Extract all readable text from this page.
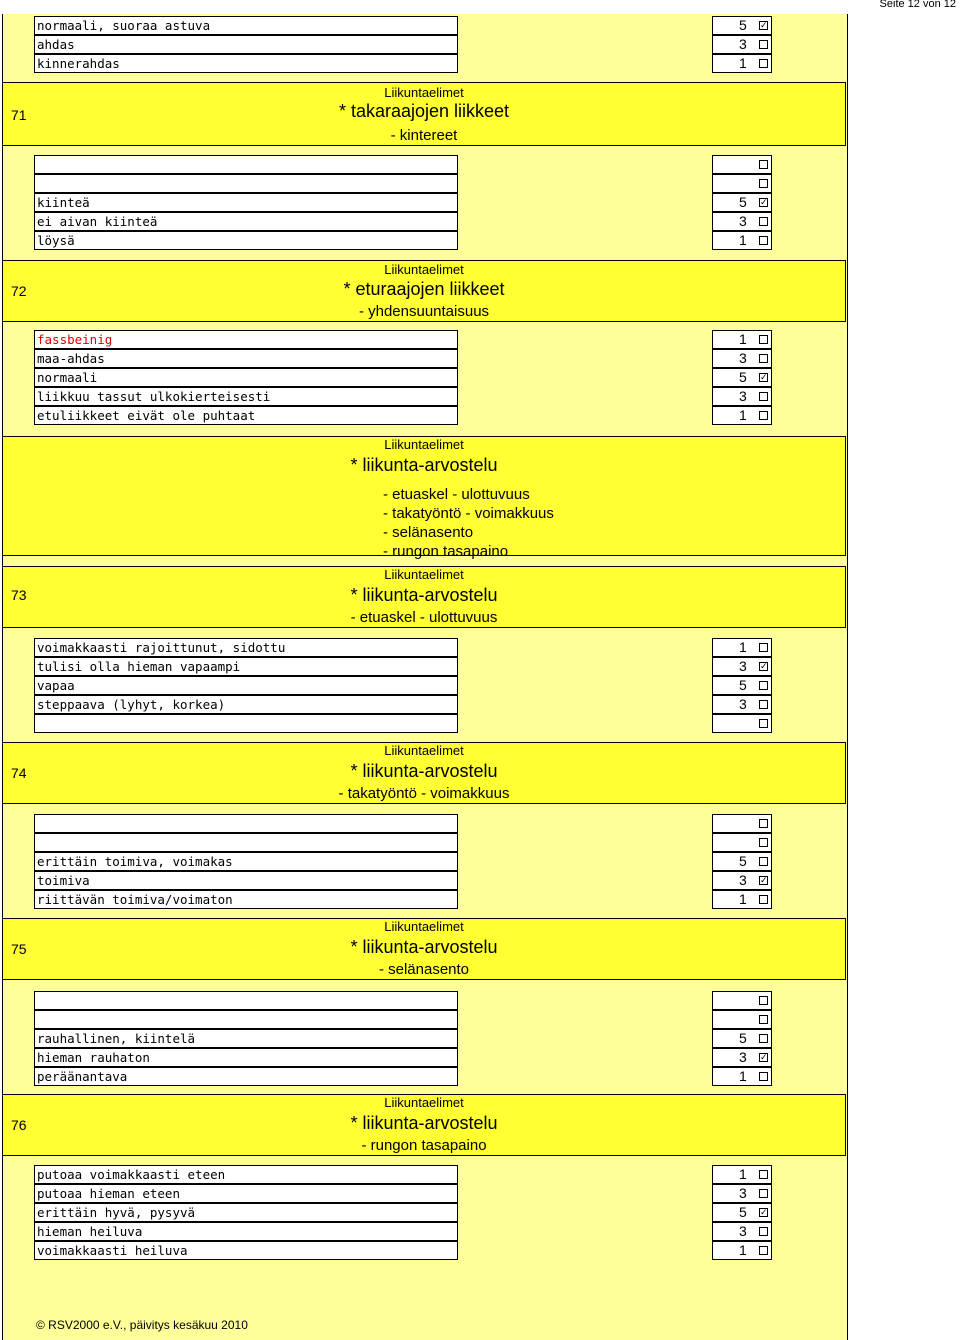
Seite 12 von 12
normaali, suoraa astuva	5 ✓
ahdas	3
kinnerahdas	1
71
Liikuntaelimet
* takaraajojen liikkeet
- kintereet
kiinteä	5 ✓
ei aivan kiinteä	3
löysä	1
72
Liikuntaelimet
* eturaajojen liikkeet
- yhdensuuntaisuus
fassbeinig	1
maa-ahdas	3
normaali	5 ✓
liikkuu tassut ulkokierteisesti	3
etuliikkeet eivät ole puhtaat	1
Liikuntaelimet
* liikunta-arvostelu
- etuaskel - ulottuvuus
- takatyöntö - voimakkuus
- selänasento
- rungon tasapaino
73
Liikuntaelimet
* liikunta-arvostelu
- etuaskel - ulottuvuus
voimakkaasti rajoittunut, sidottu	1
tulisi olla hieman vapaampi	3 ✓
vapaa	5
steppaava (lyhyt, korkea)	3
74
Liikuntaelimet
* liikunta-arvostelu
- takatyöntö - voimakkuus
erittäin toimiva, voimakas	5
toimiva	3 ✓
riittävän toimiva/voimaton	1
75
Liikuntaelimet
* liikunta-arvostelu
- selänasento
rauhallinen, kiintelä	5
hieman rauhaton	3 ✓
peräänantava	1
76
Liikuntaelimet
* liikunta-arvostelu
- rungon tasapaino
putoaa voimakkaasti eteen	1
putoaa hieman eteen	3
erittäin hyvä, pysyvä	5 ✓
hieman heiluva	3
voimakkaasti heiluva	1
© RSV2000 e.V., päivitys kesäkuu 2010
